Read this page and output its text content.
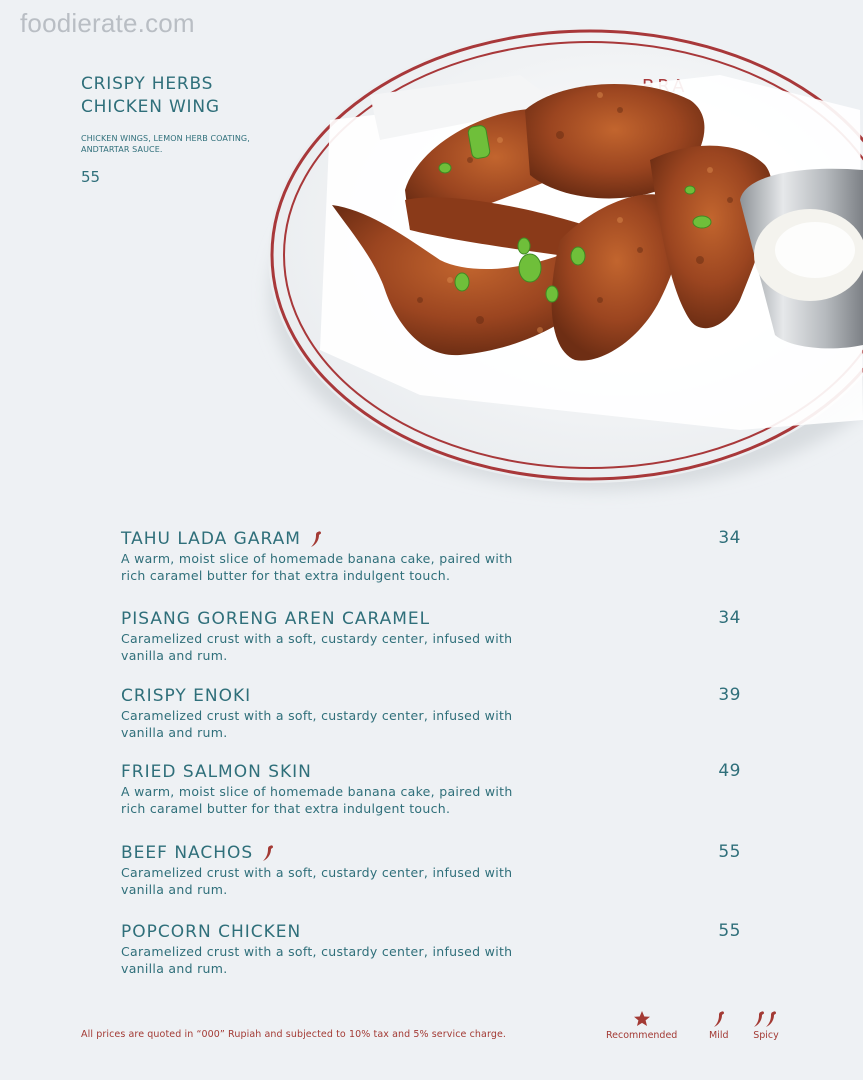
foodierate.com
CRISPY HERBS
CHICKEN WING
CHICKEN WINGS, LEMON HERB COATING, ANDTARTAR SAUCE.
55
TAHU LADA GARAM
A warm, moist slice of homemade banana cake, paired with rich caramel butter for that extra indulgent touch.
34
PISANG GORENG AREN CARAMEL
Caramelized crust with a soft, custardy center, infused with vanilla and rum.
34
CRISPY ENOKI
Caramelized crust with a soft, custardy center, infused with vanilla and rum.
39
FRIED SALMON SKIN
A warm, moist slice of homemade banana cake, paired with rich caramel butter for that extra indulgent touch.
49
BEEF NACHOS
Caramelized crust with a soft, custardy center, infused with vanilla and rum.
55
POPCORN CHICKEN
Caramelized crust with a soft, custardy center, infused with vanilla and rum.
55
All prices are quoted in “000” Rupiah and subjected to 10% tax and 5% service charge.	Recommended	Mild	Spicy
